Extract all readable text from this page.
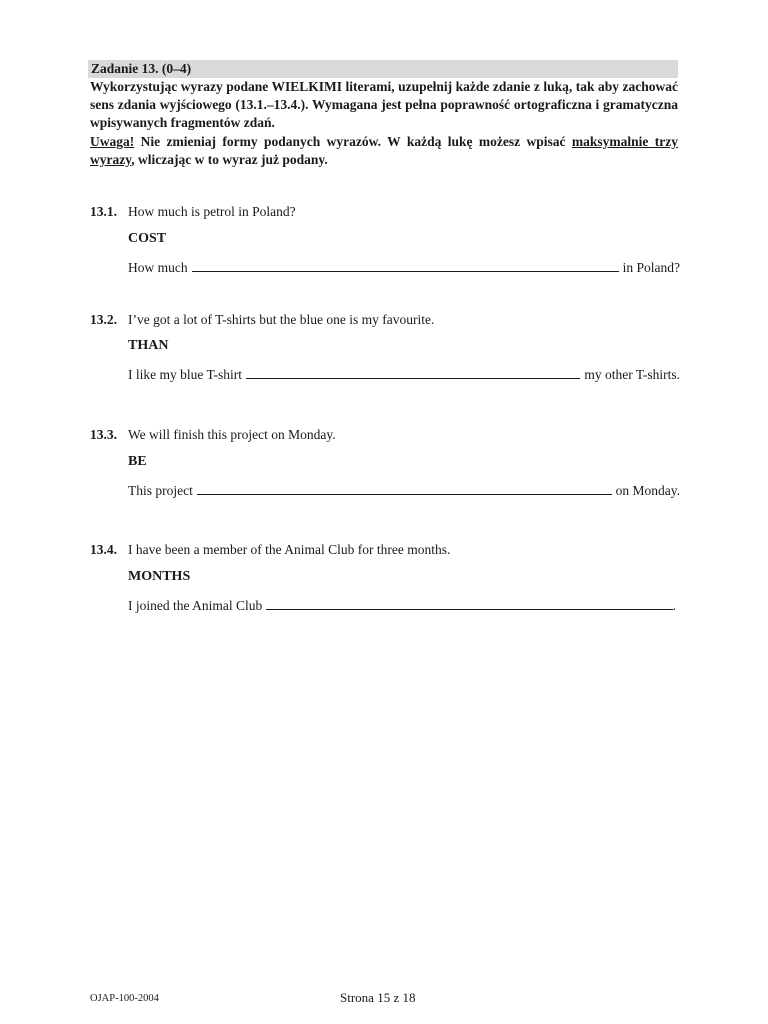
Zadanie 13. (0–4)
Wykorzystując wyrazy podane WIELKIMI literami, uzupełnij każde zdanie z luką, tak aby zachować sens zdania wyjściowego (13.1.–13.4.). Wymagana jest pełna poprawność ortograficzna i gramatyczna wpisywanych fragmentów zdań.
Uwaga! Nie zmieniaj formy podanych wyrazów. W każdą lukę możesz wpisać maksymalnie trzy wyrazy, wliczając w to wyraz już podany.
13.1. How much is petrol in Poland?
COST
How much	in Poland?
13.2. I’ve got a lot of T-shirts but the blue one is my favourite.
THAN
I like my blue T-shirt	my other T-shirts.
13.3. We will finish this project on Monday.
BE
This project	on Monday.
13.4. I have been a member of the Animal Club for three months.
MONTHS
I joined the Animal Club	.
OJAP-100-2004	Strona 15 z 18
